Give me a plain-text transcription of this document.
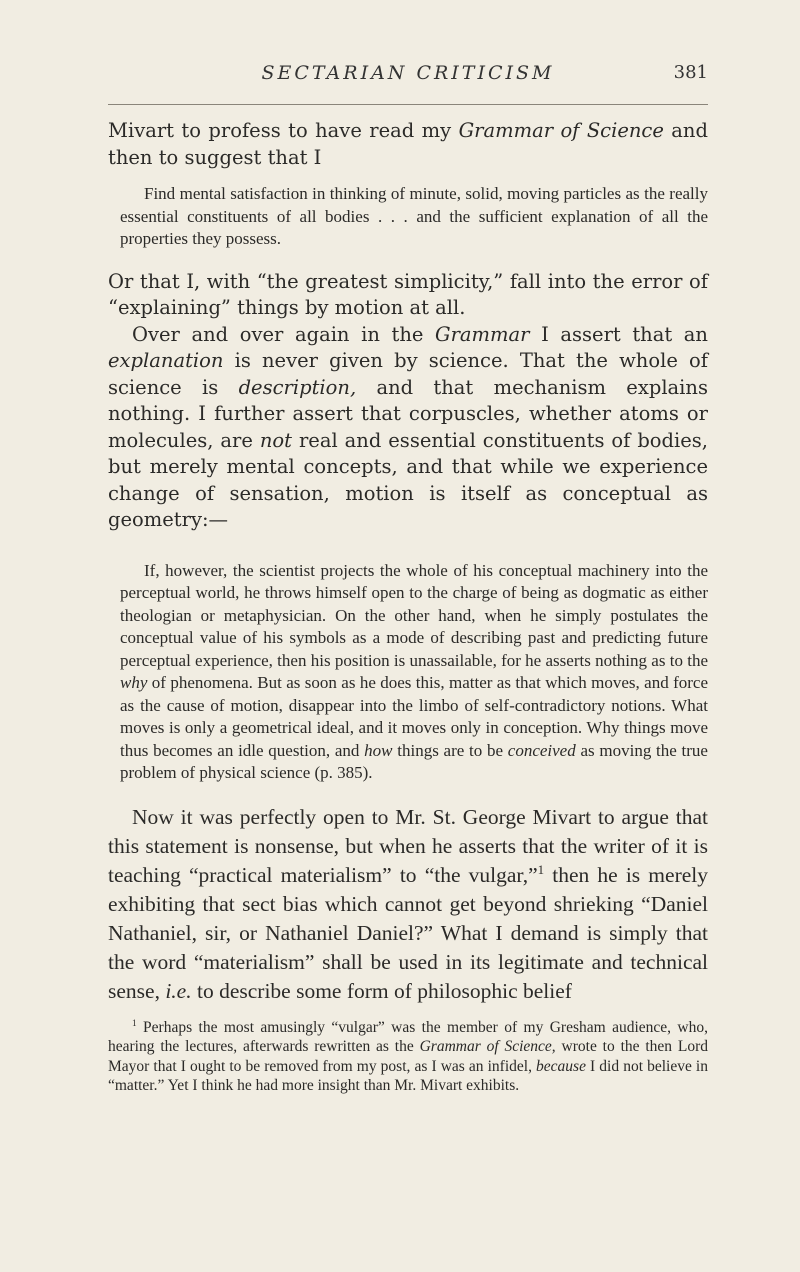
SECTARIAN CRITICISM	381

Mivart to profess to have read my Grammar of Science and then to suggest that I

Find mental satisfaction in thinking of minute, solid, moving particles as the really essential constituents of all bodies . . . and the sufficient explanation of all the properties they possess.

Or that I, with “the greatest simplicity,” fall into the error of “explaining” things by motion at all.

Over and over again in the Grammar I assert that an explanation is never given by science. That the whole of science is description, and that mechanism explains nothing. I further assert that corpuscles, whether atoms or molecules, are not real and essential constituents of bodies, but merely mental concepts, and that while we experience change of sensation, motion is itself as conceptual as geometry:—

If, however, the scientist projects the whole of his conceptual machinery into the perceptual world, he throws himself open to the charge of being as dogmatic as either theologian or metaphysician. On the other hand, when he simply postulates the conceptual value of his symbols as a mode of describing past and predicting future perceptual experience, then his position is unassailable, for he asserts nothing as to the why of phenomena. But as soon as he does this, matter as that which moves, and force as the cause of motion, disappear into the limbo of self-contradictory notions. What moves is only a geometrical ideal, and it moves only in conception. Why things move thus becomes an idle question, and how things are to be conceived as moving the true problem of physical science (p. 385).

Now it was perfectly open to Mr. St. George Mivart to argue that this statement is nonsense, but when he asserts that the writer of it is teaching “practical materialism” to “the vulgar,”$^1$ then he is merely exhibiting that sect bias which cannot get beyond shrieking “Daniel Nathaniel, sir, or Nathaniel Daniel?” What I demand is simply that the word “materialism” shall be used in its legitimate and technical sense, i.e. to describe some form of philosophic belief

$^1$ Perhaps the most amusingly “vulgar” was the member of my Gresham audience, who, hearing the lectures, afterwards rewritten as the Grammar of Science, wrote to the then Lord Mayor that I ought to be removed from my post, as I was an infidel, because I did not believe in “matter.” Yet I think he had more insight than Mr. Mivart exhibits.
